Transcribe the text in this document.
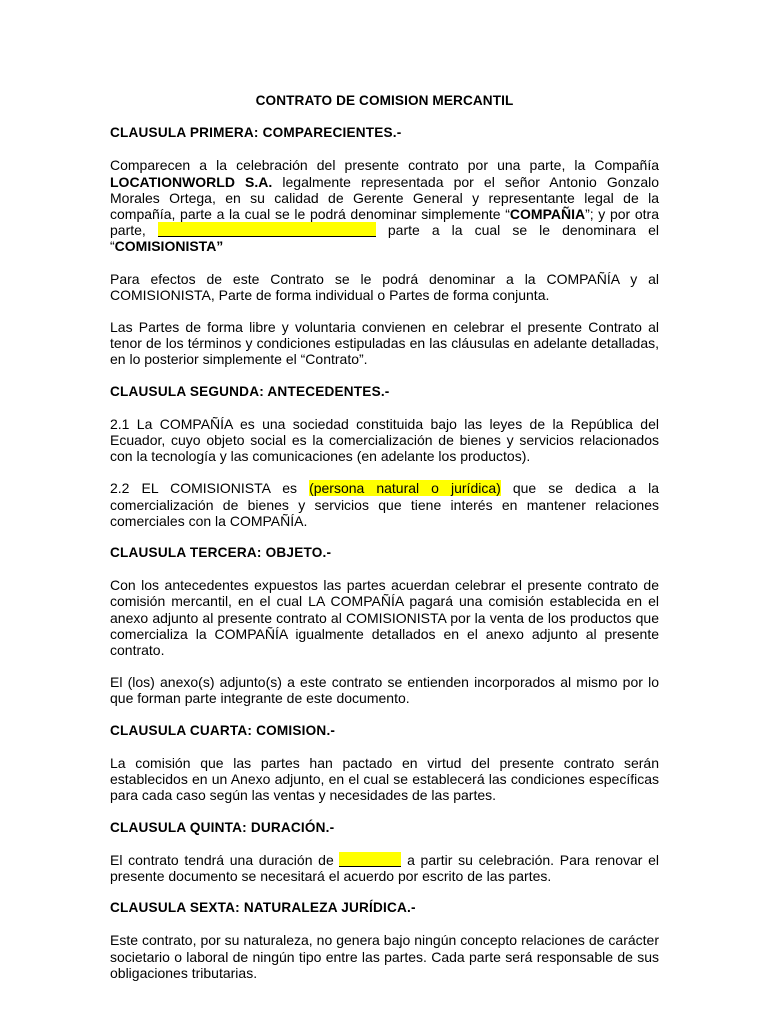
CONTRATO DE COMISION MERCANTIL
CLAUSULA PRIMERA: COMPARECIENTES.-
Comparecen a la celebración del presente contrato por una parte, la Compañía LOCATIONWORLD S.A. legalmente representada por el señor Antonio Gonzalo Morales Ortega, en su calidad de Gerente General y representante legal de la compañía, parte a la cual se le podrá denominar simplemente “COMPAÑIA”; y por otra parte,	parte a la cual se le denominara el “COMISIONISTA”
Para efectos de este Contrato se le podrá denominar a la COMPAÑÍA y al COMISIONISTA, Parte de forma individual o Partes de forma conjunta.
Las Partes de forma libre y voluntaria convienen en celebrar el presente Contrato al tenor de los términos y condiciones estipuladas en las cláusulas en adelante detalladas, en lo posterior simplemente el “Contrato”.
CLAUSULA SEGUNDA: ANTECEDENTES.-
2.1 La COMPAÑÍA es una sociedad constituida bajo las leyes de la República del Ecuador, cuyo objeto social es la comercialización de bienes y servicios relacionados con la tecnología y las comunicaciones (en adelante los productos).
2.2 EL COMISIONISTA es (persona natural o jurídica) que se dedica a la comercialización de bienes y servicios que tiene interés en mantener relaciones comerciales con la COMPAÑÍA.
CLAUSULA TERCERA: OBJETO.-
Con los antecedentes expuestos las partes acuerdan celebrar el presente contrato de comisión mercantil, en el cual LA COMPAÑÍA pagará una comisión establecida en el anexo adjunto al presente contrato al COMISIONISTA por la venta de los productos que comercializa la COMPAÑÍA igualmente detallados en el anexo adjunto al presente contrato.
El (los) anexo(s) adjunto(s) a este contrato se entienden incorporados al mismo por lo que forman parte integrante de este documento.
CLAUSULA CUARTA: COMISION.-
La comisión que las partes han pactado en virtud del presente contrato serán establecidos en un Anexo adjunto, en el cual se establecerá las condiciones específicas para cada caso según las ventas y necesidades de las partes.
CLAUSULA QUINTA: DURACIÓN.-
El contrato tendrá una duración de	a partir su celebración. Para renovar el presente documento se necesitará el acuerdo por escrito de las partes.
CLAUSULA SEXTA: NATURALEZA JURÍDICA.-
Este contrato, por su naturaleza, no genera bajo ningún concepto relaciones de carácter societario o laboral de ningún tipo entre las partes. Cada parte será responsable de sus obligaciones tributarias.
